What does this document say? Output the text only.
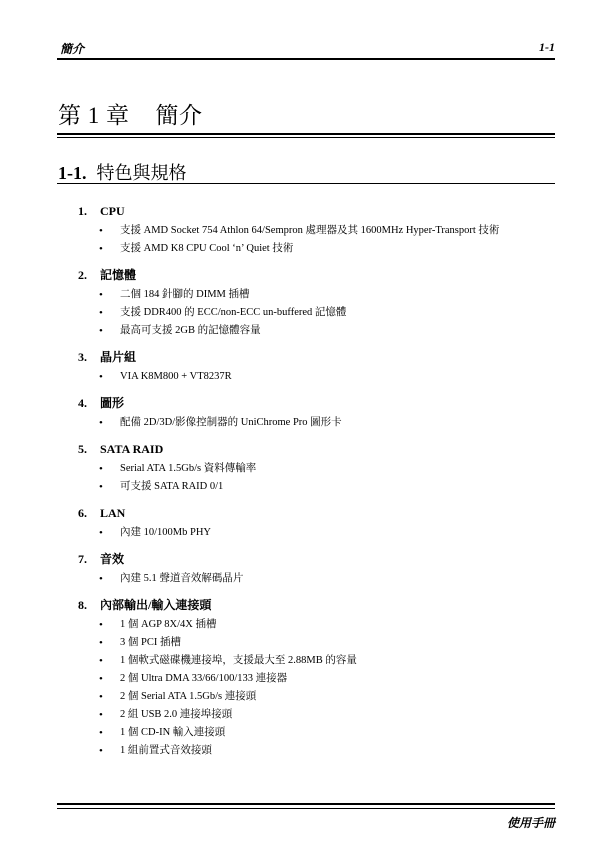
簡介	1-1
第 1 章 簡介
1-1. 特色與規格
1. CPU
• 支援 AMD Socket 754 Athlon 64/Sempron 處理器及其 1600MHz Hyper-Transport 技術
• 支援 AMD K8 CPU Cool ‘n’ Quiet 技術
2. 記憶體
• 二個 184 針腳的 DIMM 插槽
• 支援 DDR400 的 ECC/non-ECC un-buffered 記憶體
• 最高可支援 2GB 的記憶體容量
3. 晶片組
• VIA K8M800 + VT8237R
4. 圖形
• 配備 2D/3D/影像控制器的 UniChrome Pro 圖形卡
5. SATA RAID
• Serial ATA 1.5Gb/s 資料傳輸率
• 可支援 SATA RAID 0/1
6. LAN
• 內建 10/100Mb PHY
7. 音效
• 內建 5.1 聲道音效解碼晶片
8. 內部輸出/輸入連接頭
• 1 個 AGP 8X/4X 插槽
• 3 個 PCI 插槽
• 1 個軟式磁碟機連接埠，支援最大至 2.88MB 的容量
• 2 個 Ultra DMA 33/66/100/133 連接器
• 2 個 Serial ATA 1.5Gb/s 連接頭
• 2 組 USB 2.0 連接埠接頭
• 1 個 CD-IN 輸入連接頭
• 1 組前置式音效接頭
使用手冊
